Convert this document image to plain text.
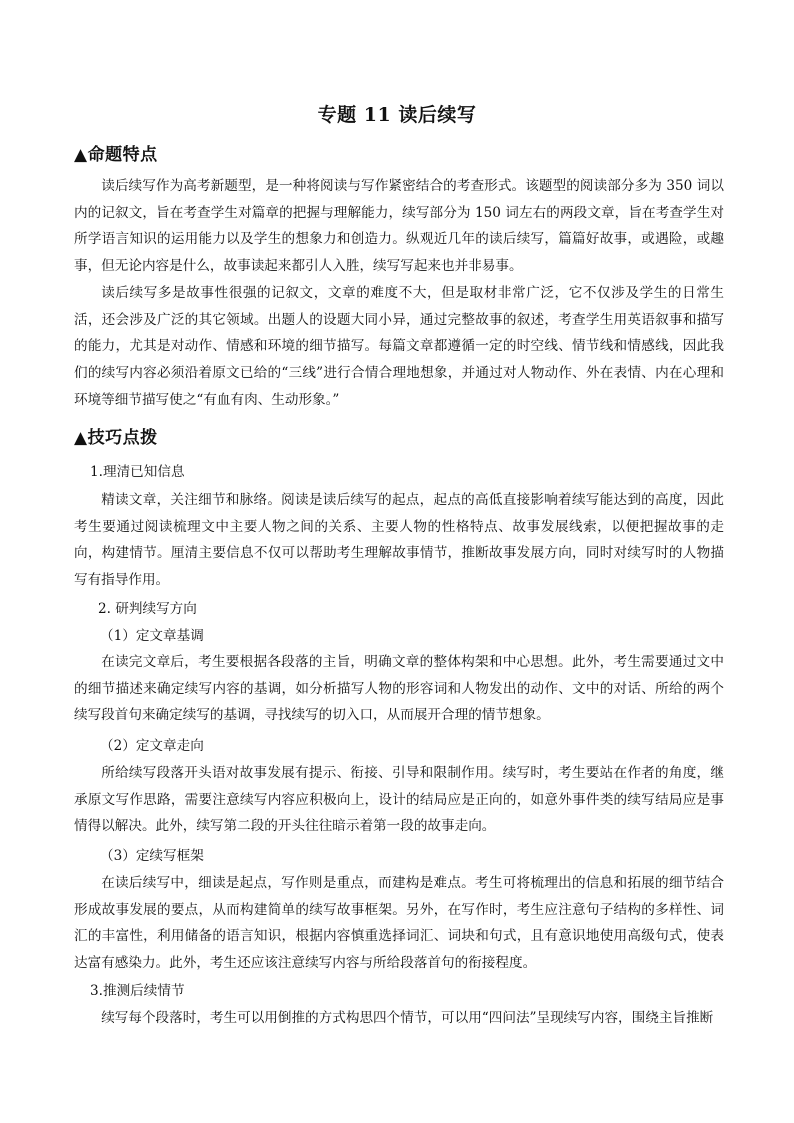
专题 11 读后续写
▲命题特点

读后续写作为高考新题型，是一种将阅读与写作紧密结合的考查形式。该题型的阅读部分多为 350 词以内的记叙文，旨在考查学生对篇章的把握与理解能力，续写部分为 150 词左右的两段文章，旨在考查学生对所学语言知识的运用能力以及学生的想象力和创造力。纵观近几年的读后续写，篇篇好故事，或遇险，或趣事，但无论内容是什么，故事读起来都引人入胜，续写写起来也并非易事。

读后续写多是故事性很强的记叙文，文章的难度不大，但是取材非常广泛，它不仅涉及学生的日常生活，还会涉及广泛的其它领域。出题人的设题大同小异，通过完整故事的叙述，考查学生用英语叙事和描写的能力，尤其是对动作、情感和环境的细节描写。每篇文章都遵循一定的时空线、情节线和情感线，因此我们的续写内容必须沿着原文已给的“三线”进行合情合理地想象，并通过对人物动作、外在表情、内在心理和环境等细节描写使之“有血有肉、生动形象。”

▲技巧点拨
1.理清已知信息

精读文章，关注细节和脉络。阅读是读后续写的起点，起点的高低直接影响着续写能达到的高度，因此考生要通过阅读梳理文中主要人物之间的关系、主要人物的性格特点、故事发展线索，以便把握故事的走向，构建情节。厘清主要信息不仅可以帮助考生理解故事情节，推断故事发展方向，同时对续写时的人物描写有指导作用。

2. 研判续写方向
（1）定文章基调

在读完文章后，考生要根据各段落的主旨，明确文章的整体构架和中心思想。此外，考生需要通过文中的细节描述来确定续写内容的基调，如分析描写人物的形容词和人物发出的动作、文中的对话、所给的两个续写段首句来确定续写的基调，寻找续写的切入口，从而展开合理的情节想象。

（2）定文章走向

所给续写段落开头语对故事发展有提示、衔接、引导和限制作用。续写时，考生要站在作者的角度，继承原文写作思路，需要注意续写内容应积极向上，设计的结局应是正向的，如意外事件类的续写结局应是事情得以解决。此外，续写第二段的开头往往暗示着第一段的故事走向。

（3）定续写框架

在读后续写中，细读是起点，写作则是重点，而建构是难点。考生可将梳理出的信息和拓展的细节结合形成故事发展的要点，从而构建简单的续写故事框架。另外，在写作时，考生应注意句子结构的多样性、词汇的丰富性，利用储备的语言知识，根据内容慎重选择词汇、词块和句式，且有意识地使用高级句式，使表达富有感染力。此外，考生还应该注意续写内容与所给段落首句的衔接程度。

3.推测后续情节

续写每个段落时，考生可以用倒推的方式构思四个情节，可以用“四问法”呈现续写内容，围绕主旨推断
